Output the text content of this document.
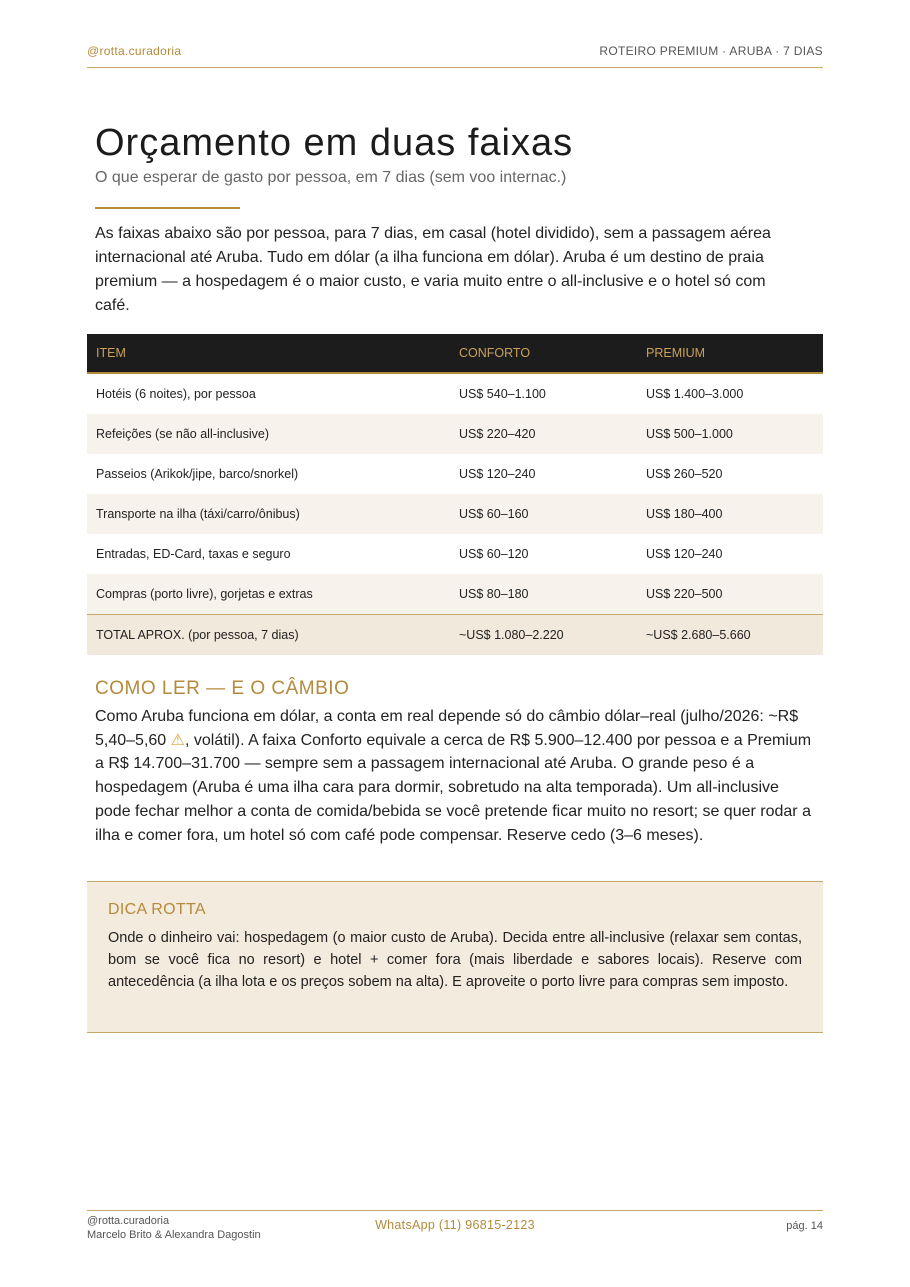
@rotta.curadoria	ROTEIRO PREMIUM · ARUBA · 7 DIAS
Orçamento em duas faixas
O que esperar de gasto por pessoa, em 7 dias (sem voo internac.)

As faixas abaixo são por pessoa, para 7 dias, em casal (hotel dividido), sem a passagem aérea internacional até Aruba. Tudo em dólar (a ilha funciona em dólar). Aruba é um destino de praia premium — a hospedagem é o maior custo, e varia muito entre o all-inclusive e o hotel só com café.

ITEM	CONFORTO	PREMIUM
Hotéis (6 noites), por pessoa	US$ 540–1.100	US$ 1.400–3.000
Refeições (se não all-inclusive)	US$ 220–420	US$ 500–1.000
Passeios (Arikok/jipe, barco/snorkel)	US$ 120–240	US$ 260–520
Transporte na ilha (táxi/carro/ônibus)	US$ 60–160	US$ 180–400
Entradas, ED-Card, taxas e seguro	US$ 60–120	US$ 120–240
Compras (porto livre), gorjetas e extras	US$ 80–180	US$ 220–500
TOTAL APROX. (por pessoa, 7 dias)	~US$ 1.080–2.220	~US$ 2.680–5.660
COMO LER — E O CÂMBIO

Como Aruba funciona em dólar, a conta em real depende só do câmbio dólar–real (julho/2026: ~R$ 5,40–5,60 ⚠, volátil). A faixa Conforto equivale a cerca de R$ 5.900–12.400 por pessoa e a Premium a R$ 14.700–31.700 — sempre sem a passagem internacional até Aruba. O grande peso é a hospedagem (Aruba é uma ilha cara para dormir, sobretudo na alta temporada). Um all-inclusive pode fechar melhor a conta de comida/bebida se você pretende ficar muito no resort; se quer rodar a ilha e comer fora, um hotel só com café pode compensar. Reserve cedo (3–6 meses).

DICA ROTTA

Onde o dinheiro vai: hospedagem (o maior custo de Aruba). Decida entre all-inclusive (relaxar sem contas, bom se você fica no resort) e hotel + comer fora (mais liberdade e sabores locais). Reserve com antecedência (a ilha lota e os preços sobem na alta). E aproveite o porto livre para compras sem imposto.

@rotta.curadoria
Marcelo Brito & Alexandra Dagostin
WhatsApp (11) 96815-2123	pág. 14
